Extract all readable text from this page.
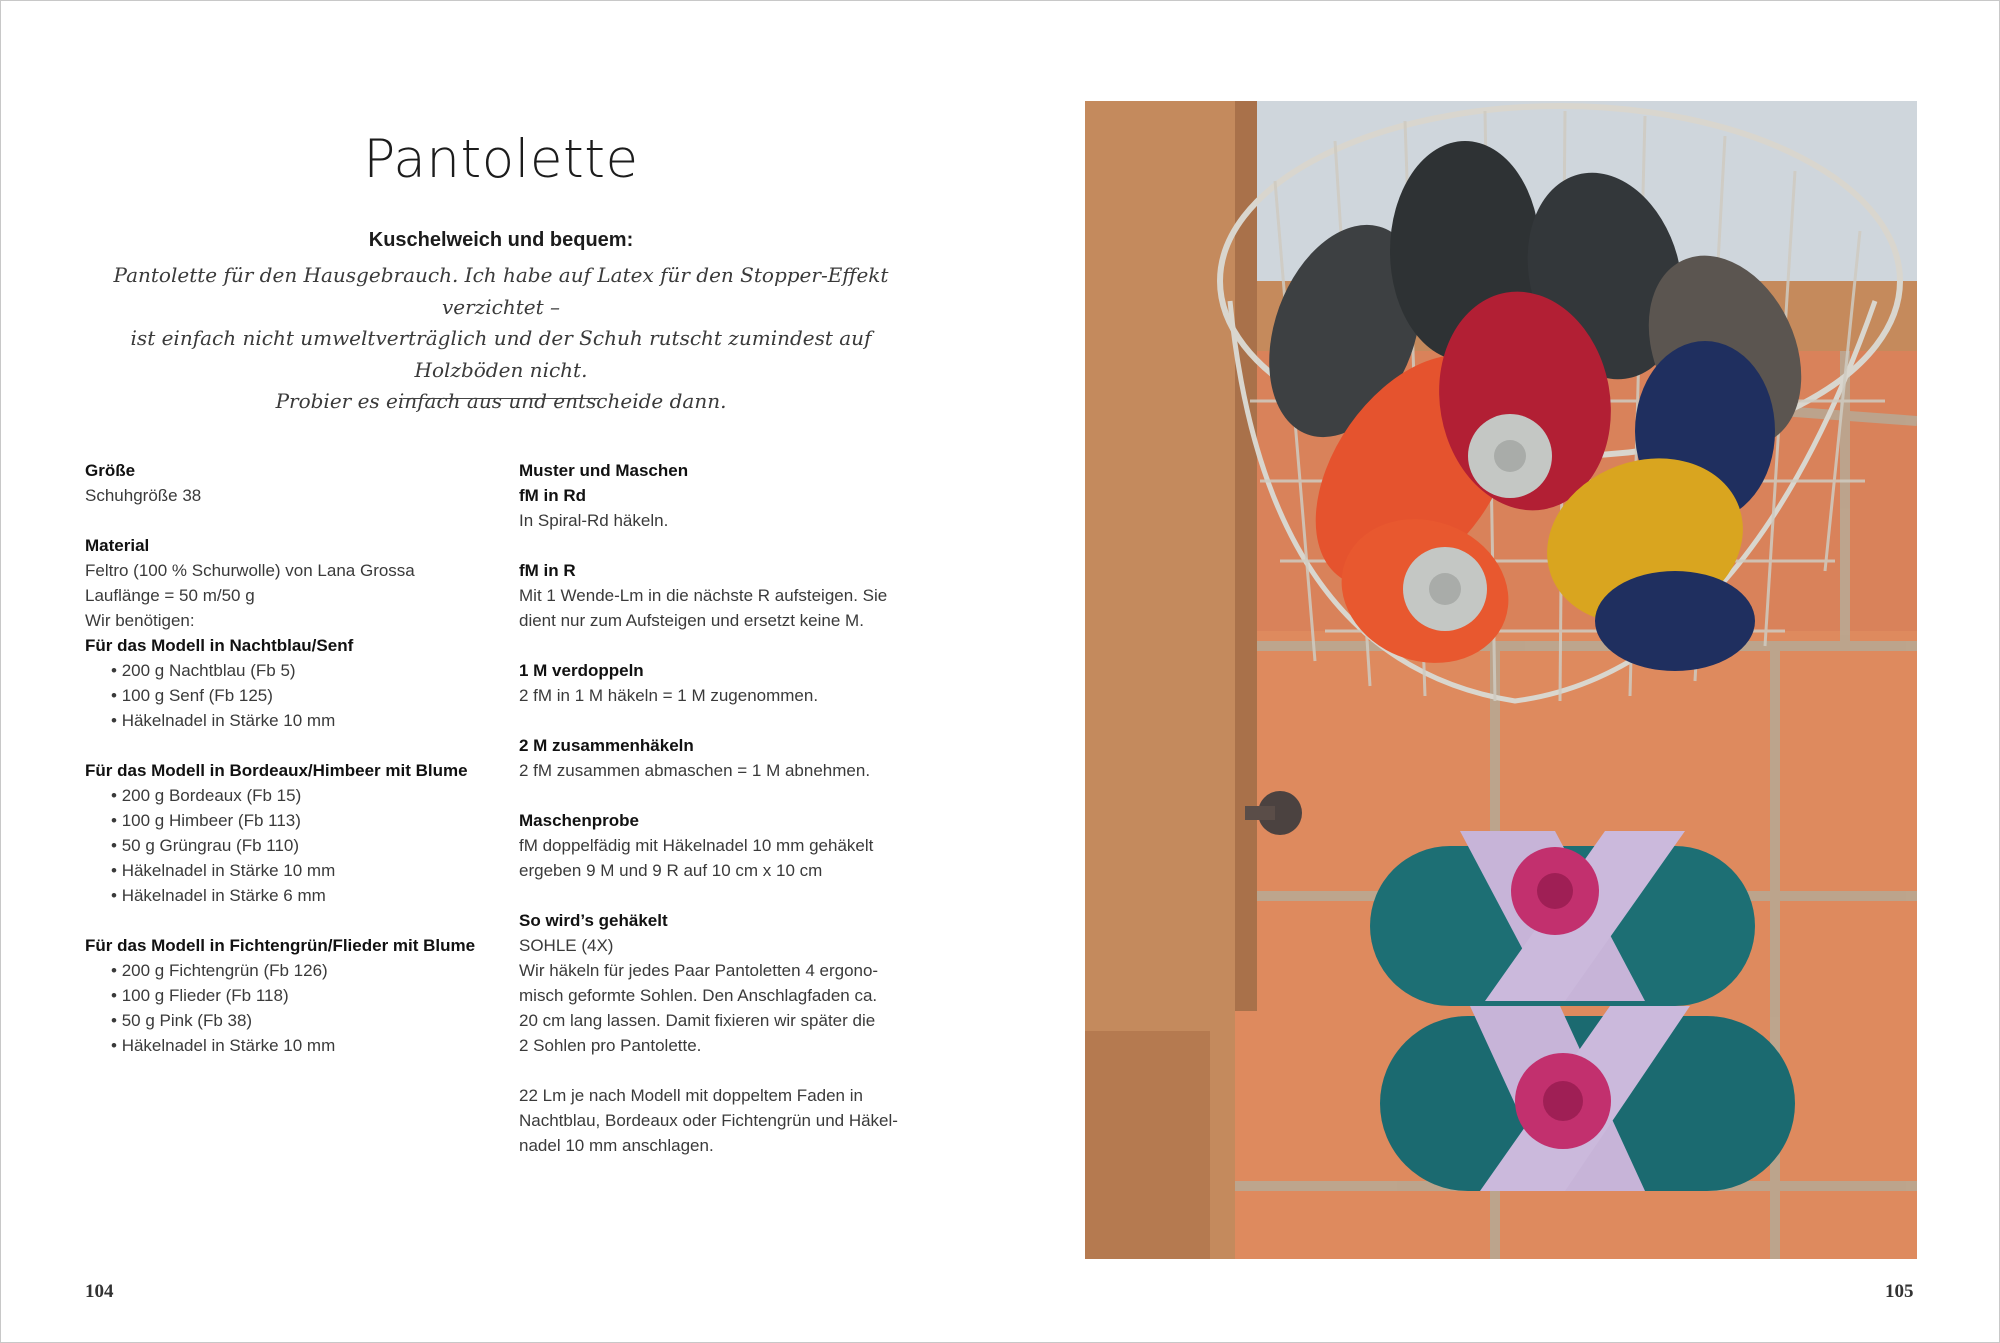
Pantolette
Kuschelweich und bequem:
Pantolette für den Hausgebrauch. Ich habe auf Latex für den Stopper-Effekt verzichtet –
ist einfach nicht umweltverträglich und der Schuh rutscht zumindest auf Holzböden nicht.
Probier es einfach aus und entscheide dann.
Größe
Schuhgröße 38
Material
Feltro (100 % Schurwolle) von Lana Grossa
Lauflänge = 50 m/50 g
Wir benötigen:
Für das Modell in Nachtblau/Senf
• 200 g Nachtblau (Fb 5)
• 100 g Senf (Fb 125)
• Häkelnadel in Stärke 10 mm
Für das Modell in Bordeaux/Himbeer mit Blume
• 200 g Bordeaux (Fb 15)
• 100 g Himbeer (Fb 113)
• 50 g Grüngrau (Fb 110)
• Häkelnadel in Stärke 10 mm
• Häkelnadel in Stärke 6 mm
Für das Modell in Fichtengrün/Flieder mit Blume
• 200 g Fichtengrün (Fb 126)
• 100 g Flieder (Fb 118)
• 50 g Pink (Fb 38)
• Häkelnadel in Stärke 10 mm
Muster und Maschen
fM in Rd
In Spiral-Rd häkeln.
fM in R
Mit 1 Wende-Lm in die nächste R aufsteigen. Sie
dient nur zum Aufsteigen und ersetzt keine M.
1 M verdoppeln
2 fM in 1 M häkeln = 1 M zugenommen.
2 M zusammenhäkeln
2 fM zusammen abmaschen = 1 M abnehmen.
Maschenprobe
fM doppelfädig mit Häkelnadel 10 mm gehäkelt
ergeben 9 M und 9 R auf 10 cm x 10 cm
So wird’s gehäkelt
SOHLE (4X)
Wir häkeln für jedes Paar Pantoletten 4 ergono-
misch geformte Sohlen. Den Anschlagfaden ca.
20 cm lang lassen. Damit fixieren wir später die
2 Sohlen pro Pantolette.
22 Lm je nach Modell mit doppeltem Faden in
Nachtblau, Bordeaux oder Fichtengrün und Häkel-
nadel 10 mm anschlagen.
104	105
